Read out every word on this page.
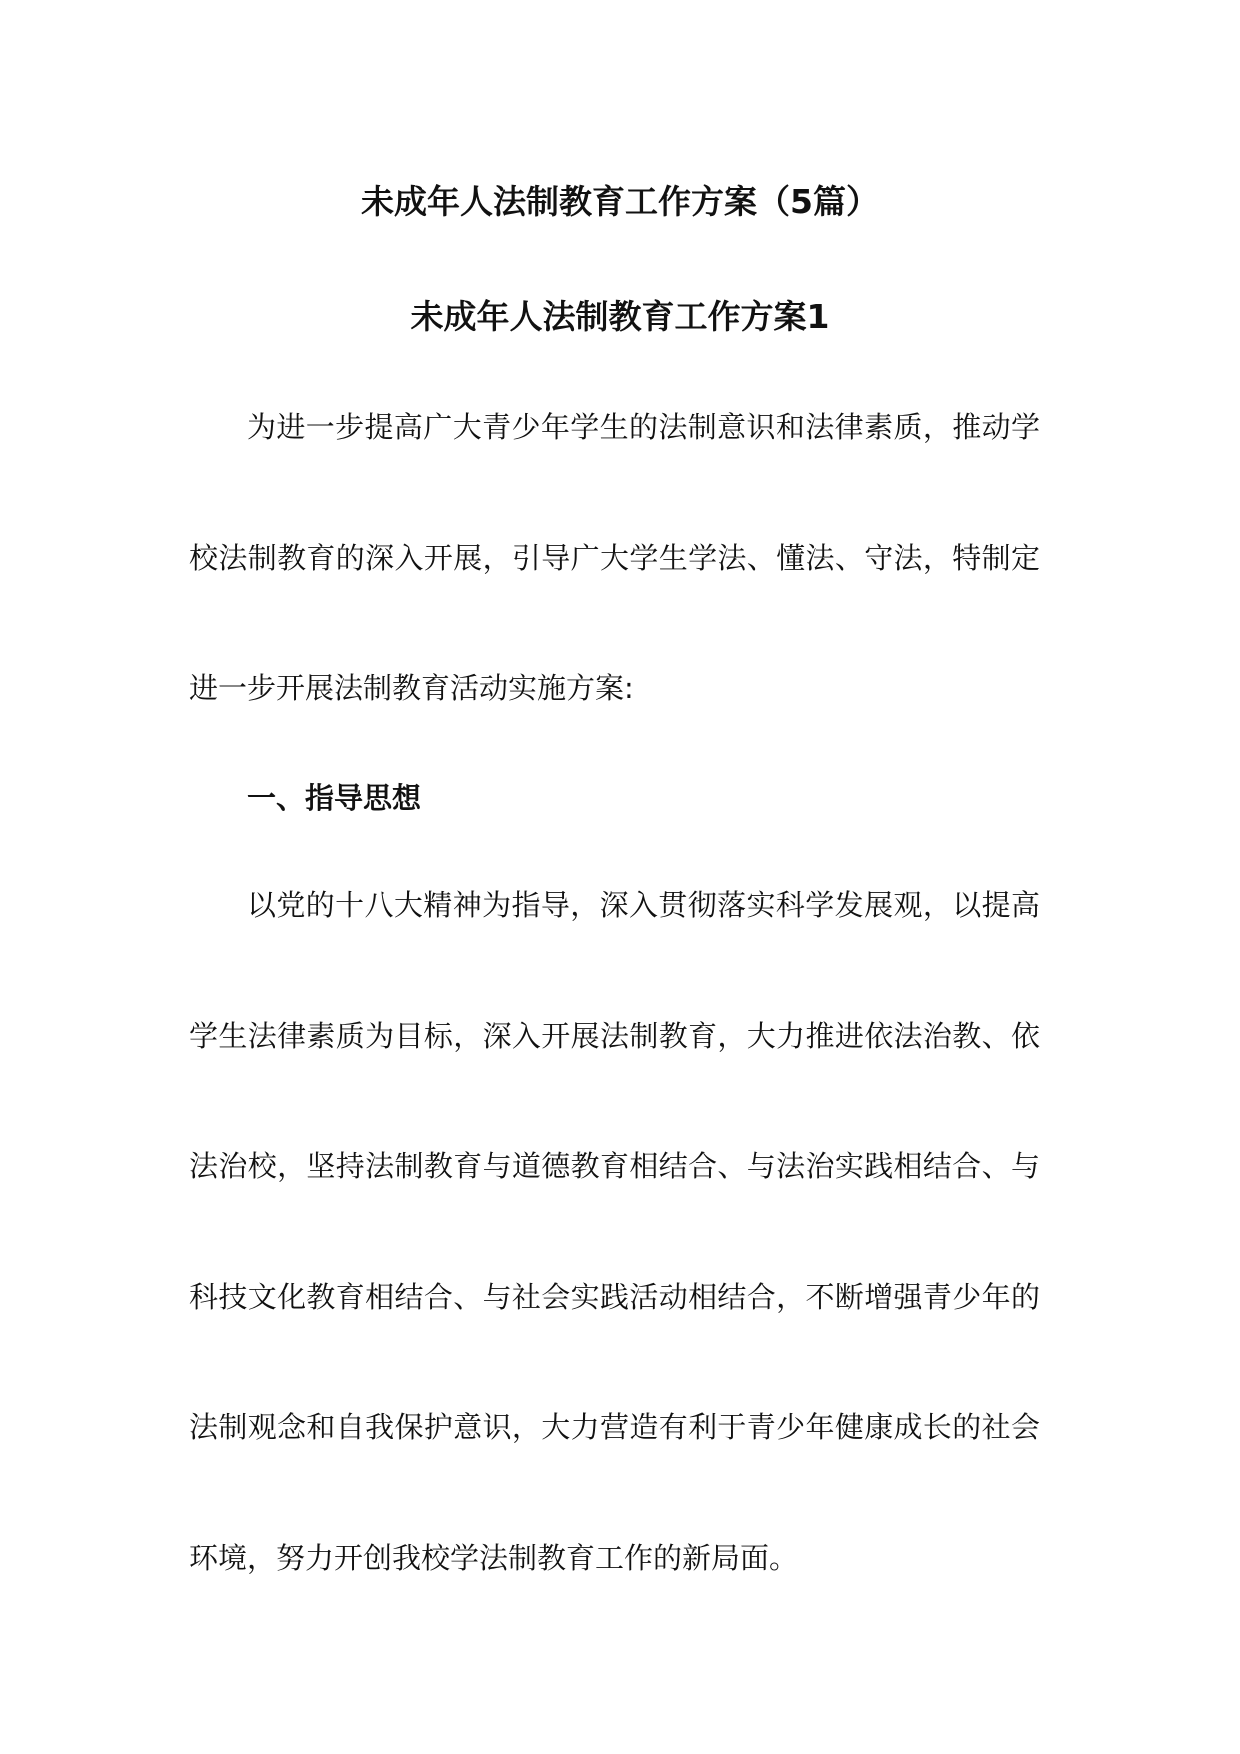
未成年人法制教育工作方案（5篇）
未成年人法制教育工作方案1
为进一步提高广大青少年学生的法制意识和法律素质，推动学
校法制教育的深入开展，引导广大学生学法、懂法、守法，特制定
进一步开展法制教育活动实施方案:
一、指导思想
以党的十八大精神为指导，深入贯彻落实科学发展观，以提高
学生法律素质为目标，深入开展法制教育，大力推进依法治教、依
法治校，坚持法制教育与道德教育相结合、与法治实践相结合、与
科技文化教育相结合、与社会实践活动相结合，不断增强青少年的
法制观念和自我保护意识，大力营造有利于青少年健康成长的社会
环境，努力开创我校学法制教育工作的新局面。
